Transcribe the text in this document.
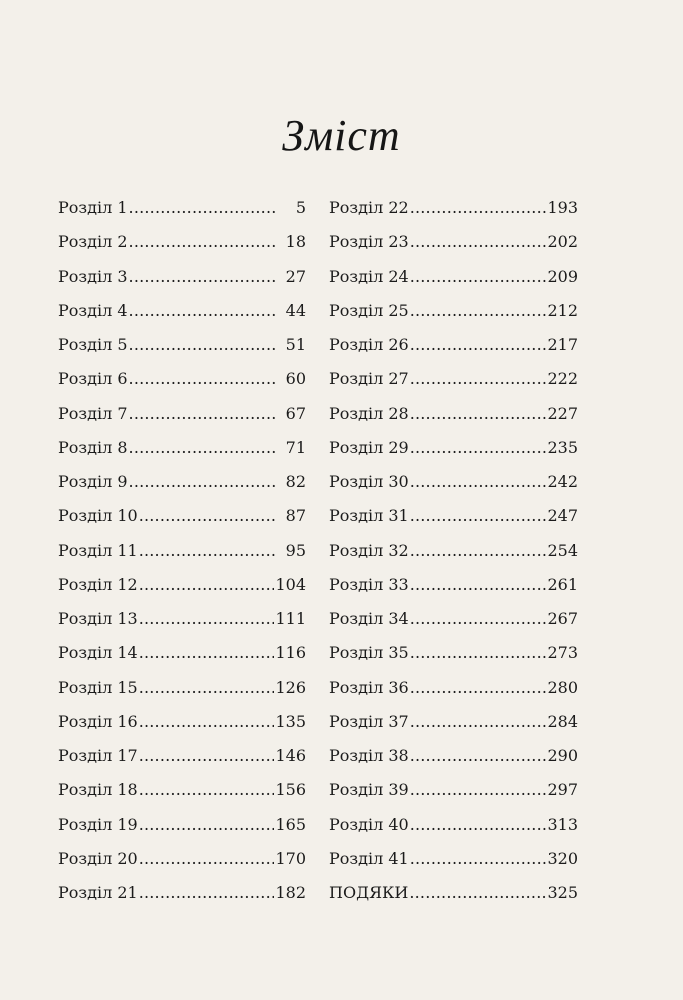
Зміст
Розділ 1 .....	5
Розділ 2 .....	18
Розділ 3 .....	27
Розділ 4 .....	44
Розділ 5 .....	51
Розділ 6 .....	60
Розділ 7 .....	67
Розділ 8 .....	71
Розділ 9 .....	82
Розділ 10 .....	87
Розділ 11 .....	95
Розділ 12 .....	104
Розділ 13 .....	111
Розділ 14 .....	116
Розділ 15 .....	126
Розділ 16 .....	135
Розділ 17 .....	146
Розділ 18 .....	156
Розділ 19 .....	165
Розділ 20 .....	170
Розділ 21 .....	182
Розділ 22 .....	193
Розділ 23 .....	202
Розділ 24 .....	209
Розділ 25 .....	212
Розділ 26 .....	217
Розділ 27 .....	222
Розділ 28 .....	227
Розділ 29 .....	235
Розділ 30 .....	242
Розділ 31 .....	247
Розділ 32 .....	254
Розділ 33 .....	261
Розділ 34 .....	267
Розділ 35 .....	273
Розділ 36 .....	280
Розділ 37 .....	284
Розділ 38 .....	290
Розділ 39 .....	297
Розділ 40 .....	313
Розділ 41 .....	320
ПОДЯКИ .....	325
